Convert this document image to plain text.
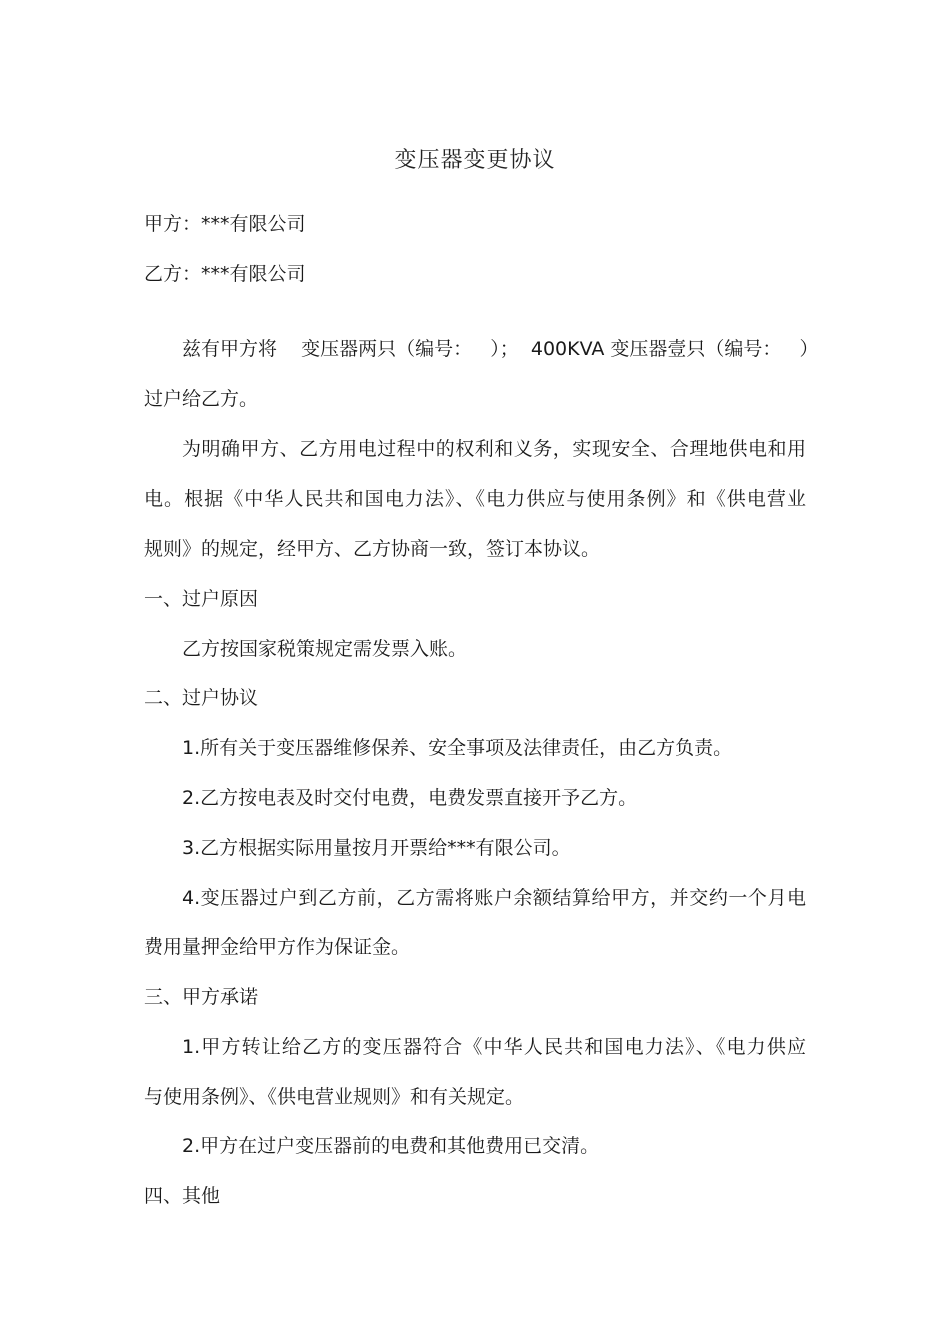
变压器变更协议
甲方：***有限公司
乙方：***有限公司
兹有甲方将    变压器两只（编号：   ）；  400KVA 变压器壹只（编号：   ）
过户给乙方。
为明确甲方、乙方用电过程中的权利和义务，实现安全、合理地供电和用
电。根据《中华人民共和国电力法》、《电力供应与使用条例》和《供电营业
规则》的规定，经甲方、乙方协商一致，签订本协议。
一、过户原因
乙方按国家税策规定需发票入账。
二、过户协议
1.所有关于变压器维修保养、安全事项及法律责任，由乙方负责。
2.乙方按电表及时交付电费，电费发票直接开予乙方。
3.乙方根据实际用量按月开票给***有限公司。
4.变压器过户到乙方前，乙方需将账户余额结算给甲方，并交约一个月电
费用量押金给甲方作为保证金。
三、甲方承诺
1.甲方转让给乙方的变压器符合《中华人民共和国电力法》、《电力供应
与使用条例》、《供电营业规则》和有关规定。
2.甲方在过户变压器前的电费和其他费用已交清。
四、其他
